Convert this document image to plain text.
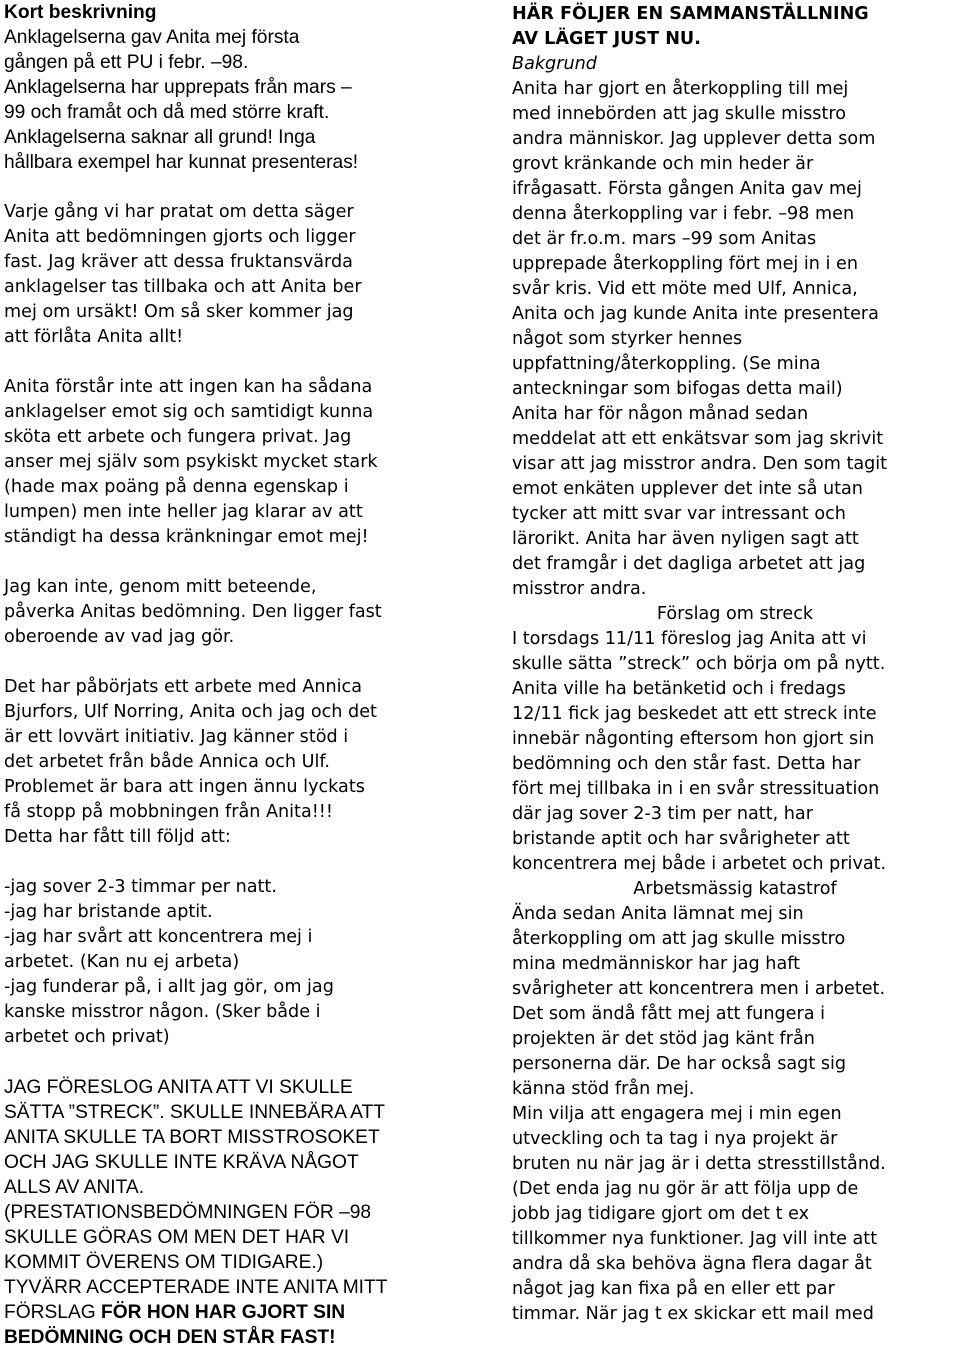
Kort beskrivning
Anklagelserna gav Anita mej första
gången på ett PU i febr. –98.
Anklagelserna har upprepats från mars –
99 och framåt och då med större kraft.
Anklagelserna saknar all grund! Inga
hållbara exempel har kunnat presenteras!
Varje gång vi har pratat om detta säger
Anita att bedömningen gjorts och ligger
fast. Jag kräver att dessa fruktansvärda
anklagelser tas tillbaka och att Anita ber
mej om ursäkt! Om så sker kommer jag
att förlåta Anita allt!
Anita förstår inte att ingen kan ha sådana
anklagelser emot sig och samtidigt kunna
sköta ett arbete och fungera privat. Jag
anser mej själv som psykiskt mycket stark
(hade max poäng på denna egenskap i
lumpen) men inte heller jag klarar av att
ständigt ha dessa kränkningar emot mej!
Jag kan inte, genom mitt beteende,
påverka Anitas bedömning. Den ligger fast
oberoende av vad jag gör.
Det har påbörjats ett arbete med Annica
Bjurfors, Ulf Norring, Anita och jag och det
är ett lovvärt initiativ. Jag känner stöd i
det arbetet från både Annica och Ulf.
Problemet är bara att ingen ännu lyckats
få stopp på mobbningen från Anita!!!
Detta har fått till följd att:
-jag sover 2-3 timmar per natt.
-jag har bristande aptit.
-jag har svårt att koncentrera mej i
arbetet. (Kan nu ej arbeta)
-jag funderar på, i allt jag gör, om jag
kanske misstror någon. (Sker både i
arbetet och privat)
JAG FÖRESLOG ANITA ATT VI SKULLE
SÄTTA ”STRECK”. SKULLE INNEBÄRA ATT
ANITA SKULLE TA BORT MISSTROSOKET
OCH JAG SKULLE INTE KRÄVA NÅGOT
ALLS AV ANITA.
(PRESTATIONSBEDÖMNINGEN FÖR –98
SKULLE GÖRAS OM MEN DET HAR VI
KOMMIT ÖVERENS OM TIDIGARE.)
TYVÄRR ACCEPTERADE INTE ANITA MITT
FÖRSLAG FÖR HON HAR GJORT SIN
BEDÖMNING OCH DEN STÅR FAST!
HÄR FÖLJER EN SAMMANSTÄLLNING
AV LÄGET JUST NU.
Bakgrund
Anita har gjort en återkoppling till mej
med innebörden att jag skulle misstro
andra människor. Jag upplever detta som
grovt kränkande och min heder är
ifrågasatt. Första gången Anita gav mej
denna återkoppling var i febr. –98 men
det är fr.o.m. mars –99 som Anitas
upprepade återkoppling fört mej in i en
svår kris. Vid ett möte med Ulf, Annica,
Anita och jag kunde Anita inte presentera
något som styrker hennes
uppfattning/återkoppling. (Se mina
anteckningar som bifogas detta mail)
Anita har för någon månad sedan
meddelat att ett enkätsvar som jag skrivit
visar att jag misstror andra. Den som tagit
emot enkäten upplever det inte så utan
tycker att mitt svar var intressant och
lärorikt. Anita har även nyligen sagt att
det framgår i det dagliga arbetet att jag
misstror andra.
Förslag om streck
I torsdags 11/11 föreslog jag Anita att vi
skulle sätta ”streck” och börja om på nytt.
Anita ville ha betänketid och i fredags
12/11 fick jag beskedet att ett streck inte
innebär någonting eftersom hon gjort sin
bedömning och den står fast. Detta har
fört mej tillbaka in i en svår stressituation
där jag sover 2-3 tim per natt, har
bristande aptit och har svårigheter att
koncentrera mej både i arbetet och privat.
Arbetsmässig katastrof
Ända sedan Anita lämnat mej sin
återkoppling om att jag skulle misstro
mina medmänniskor har jag haft
svårigheter att koncentrera men i arbetet.
Det som ändå fått mej att fungera i
projekten är det stöd jag känt från
personerna där. De har också sagt sig
känna stöd från mej.
Min vilja att engagera mej i min egen
utveckling och ta tag i nya projekt är
bruten nu när jag är i detta stresstillstånd.
(Det enda jag nu gör är att följa upp de
jobb jag tidigare gjort om det t ex
tillkommer nya funktioner. Jag vill inte att
andra då ska behöva ägna flera dagar åt
något jag kan fixa på en eller ett par
timmar. När jag t ex skickar ett mail med
